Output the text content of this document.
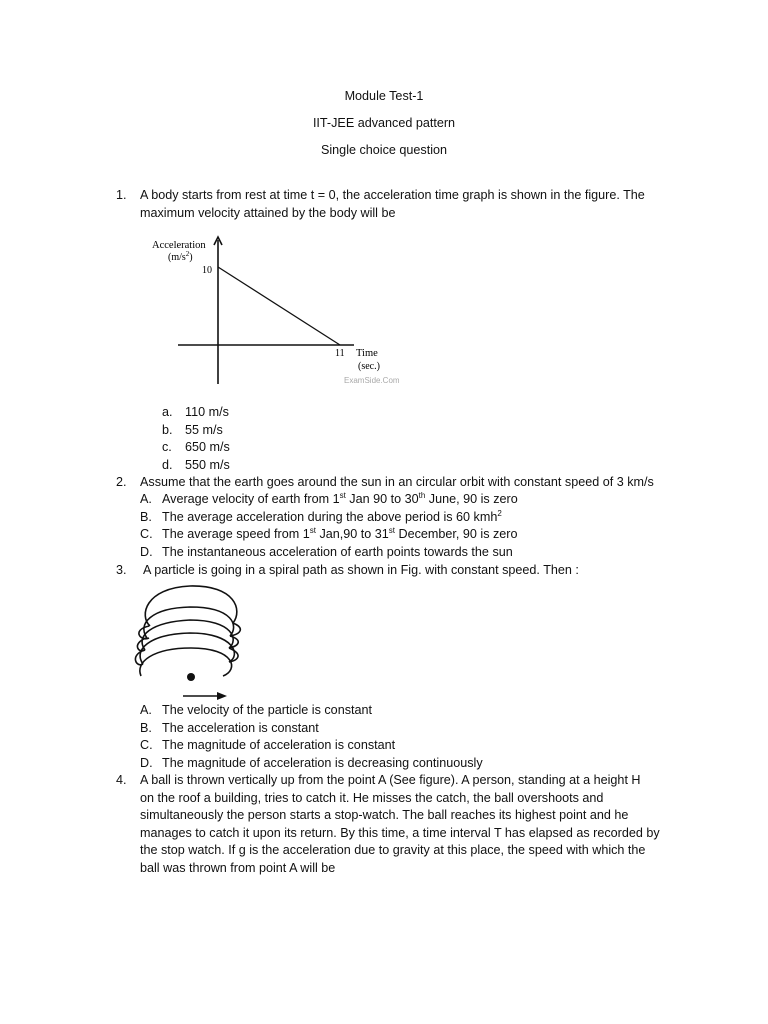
Module Test-1
IIT-JEE advanced pattern
Single choice question
1. A body starts from rest at time t = 0, the acceleration time graph is shown in the figure. The maximum velocity attained by the body will be
Acceleration
$(m/s^2)$
10
11 Time
(sec.)
ExamSide.Com
a. 110 m/s
b. 55 m/s
c. 650 m/s
d. 550 m/s
2. Assume that the earth goes around the sun in an circular orbit with constant speed of 3 km/s
A. Average velocity of earth from 1st Jan 90 to 30th June, 90 is zero
B. The average acceleration during the above period is 60 kmh$^2$
C. The average speed from 1st Jan,90 to 31st December, 90 is zero
D. The instantaneous acceleration of earth points towards the sun
3. A particle is going in a spiral path as shown in Fig. with constant speed. Then :
A. The velocity of the particle is constant
B. The acceleration is constant
C. The magnitude of acceleration is constant
D. The magnitude of acceleration is decreasing continuously
4. A ball is thrown vertically up from the point A (See figure). A person, standing at a height H
on the roof a building, tries to catch it. He misses the catch, the ball overshoots and
simultaneously the person starts a stop-watch. The ball reaches its highest point and he
manages to catch it upon its return. By this time, a time interval T has elapsed as recorded by
the stop watch. If g is the acceleration due to gravity at this place, the speed with which the
ball was thrown from point A will be
